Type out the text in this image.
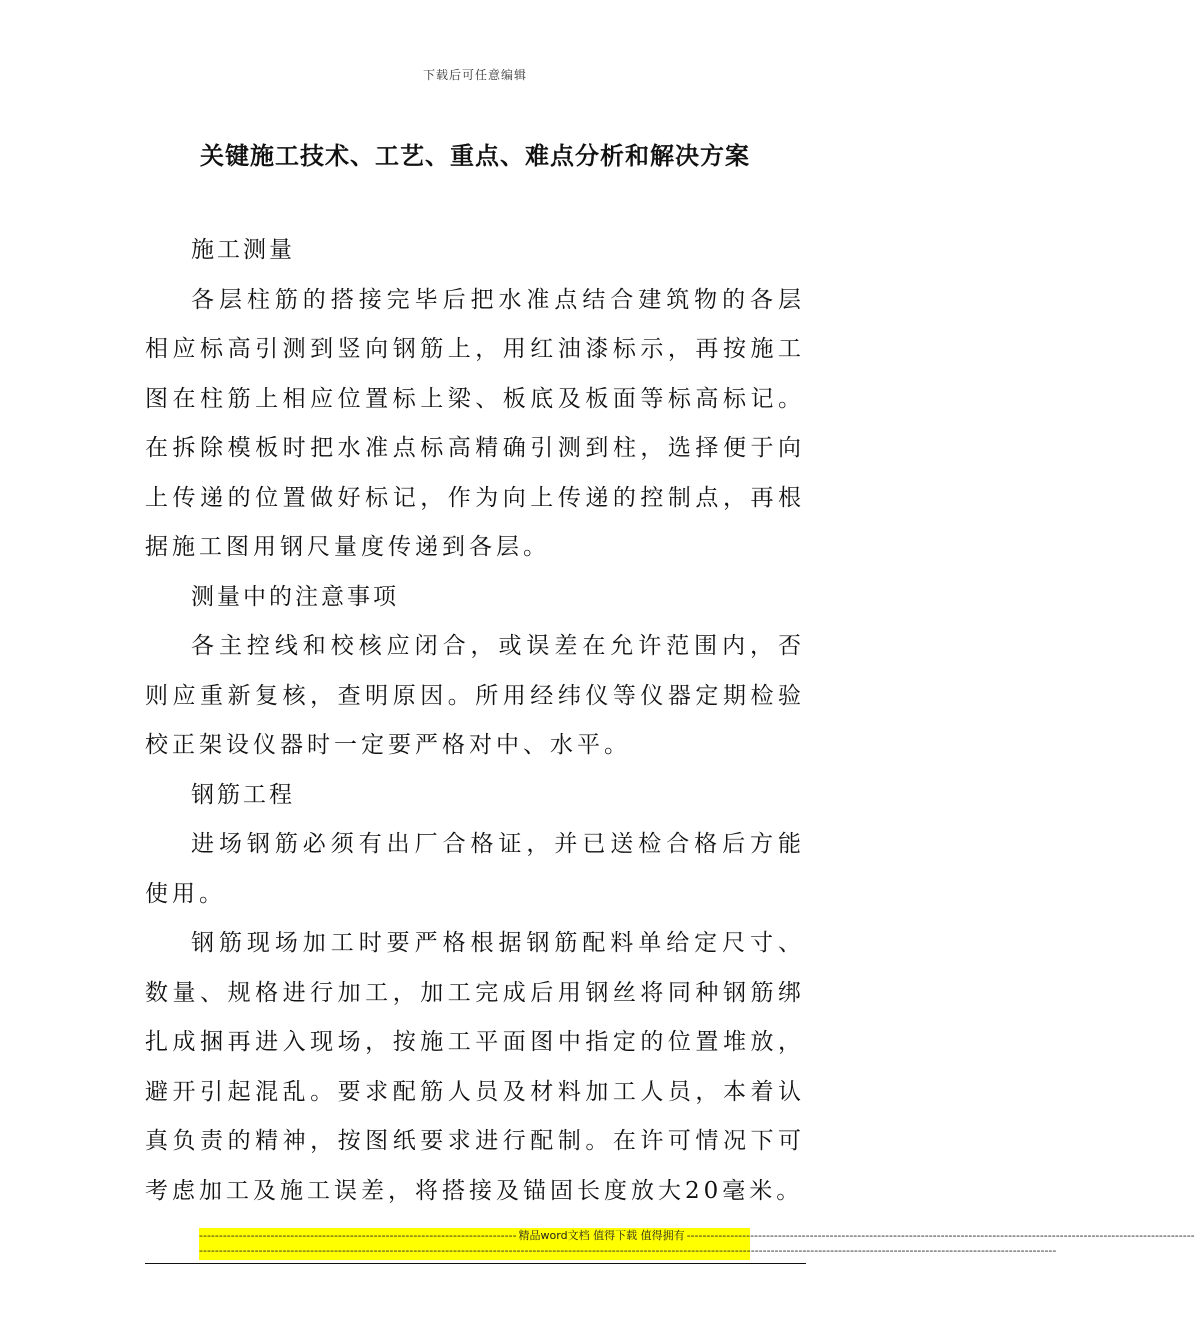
下载后可任意编辑
关键施工技术、工艺、重点、难点分析和解决方案

施工测量

各层柱筋的搭接完毕后把水准点结合建筑物的各层相应标高引测到竖向钢筋上，用红油漆标示，再按施工图在柱筋上相应位置标上梁、板底及板面等标高标记。在拆除模板时把水准点标高精确引测到柱，选择便于向上传递的位置做好标记，作为向上传递的控制点，再根据施工图用钢尺量度传递到各层。

测量中的注意事项

各主控线和校核应闭合，或误差在允许范围内，否则应重新复核，查明原因。所用经纬仪等仪器定期检验校正架设仪器时一定要严格对中、水平。

钢筋工程

进场钢筋必须有出厂合格证，并已送检合格后方能使用。

钢筋现场加工时要严格根据钢筋配料单给定尺寸、数量、规格进行加工，加工完成后用钢丝将同种钢筋绑扎成捆再进入现场，按施工平面图中指定的位置堆放，避开引起混乱。要求配筋人员及材料加工人员，本着认真负责的精神，按图纸要求进行配制。在许可情况下可考虑加工及施工误差，将搭接及锚固长度放大20毫米。

-------------------------------------------------------------------------------- 精品word文档 值得下载 值得拥有 --------------------------------------------------------------------------------------------------------------------------------
------------------------------------------------------------------------------------------------------------------------------------------------------------------------------------------------------------------------
